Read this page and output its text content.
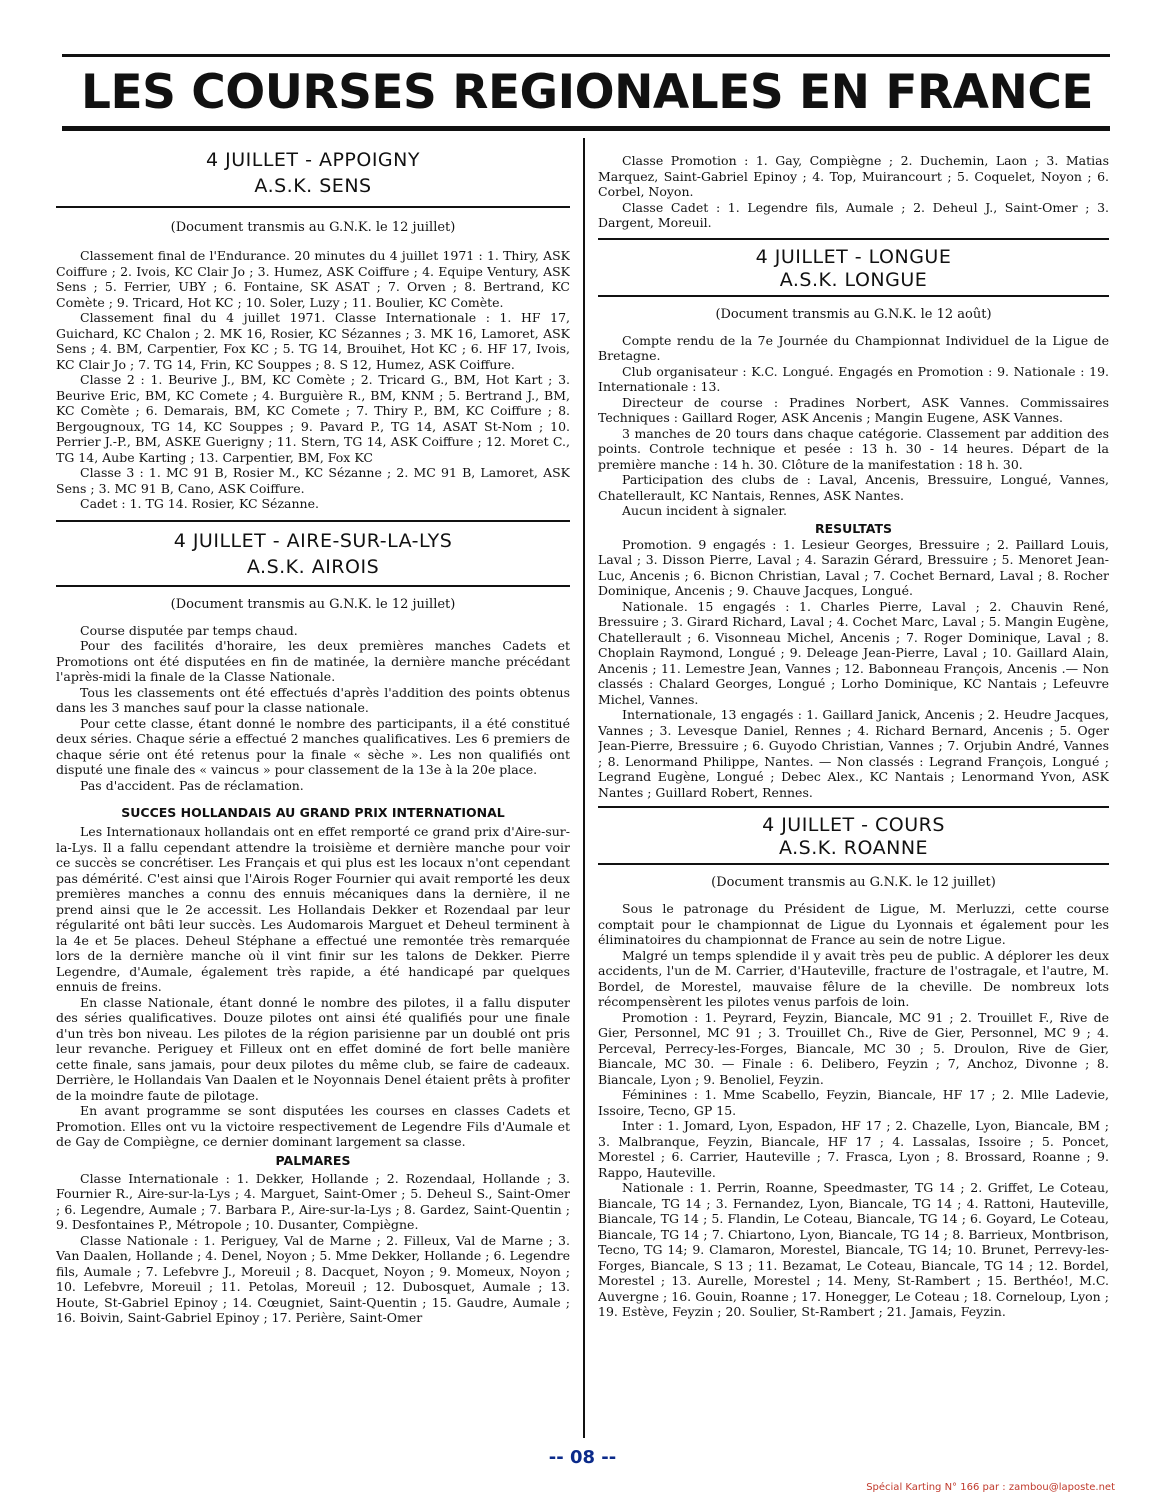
LES COURSES REGIONALES EN FRANCE
4 JUILLET - APPOIGNY
A.S.K. SENS

(Document transmis au G.N.K. le 12 juillet)

Classement final de l'Endurance. 20 minutes du 4 juillet 1971 : 1. Thiry, ASK Coiffure ; 2. Ivois, KC Clair Jo ; 3. Humez, ASK Coiffure ; 4. Equipe Ventury, ASK Sens ; 5. Ferrier, UBY ; 6. Fontaine, SK ASAT ; 7. Orven ; 8. Bertrand, KC Comète ; 9. Tricard, Hot KC ; 10. Soler, Luzy ; 11. Boulier, KC Comète.

Classement final du 4 juillet 1971. Classe Internationale : 1. HF 17, Guichard, KC Chalon ; 2. MK 16, Rosier, KC Sézannes ; 3. MK 16, Lamoret, ASK Sens ; 4. BM, Carpentier, Fox KC ; 5. TG 14, Brouihet, Hot KC ; 6. HF 17, Ivois, KC Clair Jo ; 7. TG 14, Frin, KC Souppes ; 8. S 12, Humez, ASK Coiffure.

Classe 2 : 1. Beurive J., BM, KC Comète ; 2. Tricard G., BM, Hot Kart ; 3. Beurive Eric, BM, KC Comete ; 4. Burguière R., BM, KNM ; 5. Bertrand J., BM, KC Comète ; 6. Demarais, BM, KC Comete ; 7. Thiry P., BM, KC Coiffure ; 8. Bergougnoux, TG 14, KC Souppes ; 9. Pavard P., TG 14, ASAT St-Nom ; 10. Perrier J.-P., BM, ASKE Guerigny ; 11. Stern, TG 14, ASK Coiffure ; 12. Moret C., TG 14, Aube Karting ; 13. Carpentier, BM, Fox KC

Classe 3 : 1. MC 91 B, Rosier M., KC Sézanne ; 2. MC 91 B, Lamoret, ASK Sens ; 3. MC 91 B, Cano, ASK Coiffure.

Cadet : 1. TG 14. Rosier, KC Sézanne.

4 JUILLET - AIRE-SUR-LA-LYS
A.S.K. AIROIS

(Document transmis au G.N.K. le 12 juillet)

Course disputée par temps chaud.

Pour des facilités d'horaire, les deux premières manches Cadets et Promotions ont été disputées en fin de matinée, la dernière manche précédant l'après-midi la finale de la Classe Nationale.

Tous les classements ont été effectués d'après l'addition des points obtenus dans les 3 manches sauf pour la classe nationale.

Pour cette classe, étant donné le nombre des participants, il a été constitué deux séries. Chaque série a effectué 2 manches qualificatives. Les 6 premiers de chaque série ont été retenus pour la finale « sèche ». Les non qualifiés ont disputé une finale des « vaincus » pour classement de la 13e à la 20e place.

Pas d'accident. Pas de réclamation.

SUCCES HOLLANDAIS AU GRAND PRIX INTERNATIONAL

Les Internationaux hollandais ont en effet remporté ce grand prix d'Aire-sur-la-Lys. Il a fallu cependant attendre la troisième et dernière manche pour voir ce succès se concrétiser. Les Français et qui plus est les locaux n'ont cependant pas démérité. C'est ainsi que l'Airois Roger Fournier qui avait remporté les deux premières manches a connu des ennuis mécaniques dans la dernière, il ne prend ainsi que le 2e accessit. Les Hollandais Dekker et Rozendaal par leur régularité ont bâti leur succès. Les Audomarois Marguet et Deheul terminent à la 4e et 5e places. Deheul Stéphane a effectué une remontée très remarquée lors de la dernière manche où il vint finir sur les talons de Dekker. Pierre Legendre, d'Aumale, également très rapide, a été handicapé par quelques ennuis de freins.

En classe Nationale, étant donné le nombre des pilotes, il a fallu disputer des séries qualificatives. Douze pilotes ont ainsi été qualifiés pour une finale d'un très bon niveau. Les pilotes de la région parisienne par un doublé ont pris leur revanche. Periguey et Filleux ont en effet dominé de fort belle manière cette finale, sans jamais, pour deux pilotes du même club, se faire de cadeaux. Derrière, le Hollandais Van Daalen et le Noyonnais Denel étaient prêts à profiter de la moindre faute de pilotage.

En avant programme se sont disputées les courses en classes Cadets et Promotion. Elles ont vu la victoire respectivement de Legendre Fils d'Aumale et de Gay de Compiègne, ce dernier dominant largement sa classe.

PALMARES

Classe Internationale : 1. Dekker, Hollande ; 2. Rozendaal, Hollande ; 3. Fournier R., Aire-sur-la-Lys ; 4. Marguet, Saint-Omer ; 5. Deheul S., Saint-Omer ; 6. Legendre, Aumale ; 7. Barbara P., Aire-sur-la-Lys ; 8. Gardez, Saint-Quentin ; 9. Desfontaines P., Métropole ; 10. Dusanter, Compiègne.

Classe Nationale : 1. Periguey, Val de Marne ; 2. Filleux, Val de Marne ; 3. Van Daalen, Hollande ; 4. Denel, Noyon ; 5. Mme Dekker, Hollande ; 6. Legendre fils, Aumale ; 7. Lefebvre J., Moreuil ; 8. Dacquet, Noyon ; 9. Momeux, Noyon ; 10. Lefebvre, Moreuil ; 11. Petolas, Moreuil ; 12. Dubosquet, Aumale ; 13. Houte, St-Gabriel Epinoy ; 14. Cœugniet, Saint-Quentin ; 15. Gaudre, Aumale ; 16. Boivin, Saint-Gabriel Epinoy ; 17. Perière, Saint-Omer

Classe Promotion : 1. Gay, Compiègne ; 2. Duchemin, Laon ; 3. Matias Marquez, Saint-Gabriel Epinoy ; 4. Top, Muirancourt ; 5. Coquelet, Noyon ; 6. Corbel, Noyon.

Classe Cadet : 1. Legendre fils, Aumale ; 2. Deheul J., Saint-Omer ; 3. Dargent, Moreuil.

4 JUILLET - LONGUE
A.S.K. LONGUE

(Document transmis au G.N.K. le 12 août)

Compte rendu de la 7e Journée du Championnat Individuel de la Ligue de Bretagne.

Club organisateur : K.C. Longué. Engagés en Promotion : 9. Nationale : 19. Internationale : 13.

Directeur de course : Pradines Norbert, ASK Vannes. Commissaires Techniques : Gaillard Roger, ASK Ancenis ; Mangin Eugene, ASK Vannes.

3 manches de 20 tours dans chaque catégorie. Classement par addition des points. Controle technique et pesée : 13 h. 30 - 14 heures. Départ de la première manche : 14 h. 30. Clôture de la manifestation : 18 h. 30.

Participation des clubs de : Laval, Ancenis, Bressuire, Longué, Vannes, Chatellerault, KC Nantais, Rennes, ASK Nantes.

Aucun incident à signaler.

RESULTATS

Promotion. 9 engagés : 1. Lesieur Georges, Bressuire ; 2. Paillard Louis, Laval ; 3. Disson Pierre, Laval ; 4. Sarazin Gérard, Bressuire ; 5. Menoret Jean-Luc, Ancenis ; 6. Bicnon Christian, Laval ; 7. Cochet Bernard, Laval ; 8. Rocher Dominique, Ancenis ; 9. Chauve Jacques, Longué.

Nationale. 15 engagés : 1. Charles Pierre, Laval ; 2. Chauvin René, Bressuire ; 3. Girard Richard, Laval ; 4. Cochet Marc, Laval ; 5. Mangin Eugène, Chatellerault ; 6. Visonneau Michel, Ancenis ; 7. Roger Dominique, Laval ; 8. Choplain Raymond, Longué ; 9. Deleage Jean-Pierre, Laval ; 10. Gaillard Alain, Ancenis ; 11. Lemestre Jean, Vannes ; 12. Babonneau François, Ancenis .— Non classés : Chalard Georges, Longué ; Lorho Dominique, KC Nantais ; Lefeuvre Michel, Vannes.

Internationale, 13 engagés : 1. Gaillard Janick, Ancenis ; 2. Heudre Jacques, Vannes ; 3. Levesque Daniel, Rennes ; 4. Richard Bernard, Ancenis ; 5. Oger Jean-Pierre, Bressuire ; 6. Guyodo Christian, Vannes ; 7. Orjubin André, Vannes ; 8. Lenormand Philippe, Nantes. — Non classés : Legrand François, Longué ; Legrand Eugène, Longué ; Debec Alex., KC Nantais ; Lenormand Yvon, ASK Nantes ; Guillard Robert, Rennes.

4 JUILLET - COURS
A.S.K. ROANNE

(Document transmis au G.N.K. le 12 juillet)

Sous le patronage du Président de Ligue, M. Merluzzi, cette course comptait pour le championnat de Ligue du Lyonnais et également pour les éliminatoires du championnat de France au sein de notre Ligue.

Malgré un temps splendide il y avait très peu de public. A déplorer les deux accidents, l'un de M. Carrier, d'Hauteville, fracture de l'ostragale, et l'autre, M. Bordel, de Morestel, mauvaise fêlure de la cheville. De nombreux lots récompensèrent les pilotes venus parfois de loin.

Promotion : 1. Peyrard, Feyzin, Biancale, MC 91 ; 2. Trouillet F., Rive de Gier, Personnel, MC 91 ; 3. Trouillet Ch., Rive de Gier, Personnel, MC 9 ; 4. Perceval, Perrecy-les-Forges, Biancale, MC 30 ; 5. Droulon, Rive de Gier, Biancale, MC 30. — Finale : 6. Delibero, Feyzin ; 7, Anchoz, Divonne ; 8. Biancale, Lyon ; 9. Benoliel, Feyzin.

Féminines : 1. Mme Scabello, Feyzin, Biancale, HF 17 ; 2. Mlle Ladevie, Issoire, Tecno, GP 15.

Inter : 1. Jomard, Lyon, Espadon, HF 17 ; 2. Chazelle, Lyon, Biancale, BM ; 3. Malbranque, Feyzin, Biancale, HF 17 ; 4. Lassalas, Issoire ; 5. Poncet, Morestel ; 6. Carrier, Hauteville ; 7. Frasca, Lyon ; 8. Brossard, Roanne ; 9. Rappo, Hauteville.

Nationale : 1. Perrin, Roanne, Speedmaster, TG 14 ; 2. Griffet, Le Coteau, Biancale, TG 14 ; 3. Fernandez, Lyon, Biancale, TG 14 ; 4. Rattoni, Hauteville, Biancale, TG 14 ; 5. Flandin, Le Coteau, Biancale, TG 14 ; 6. Goyard, Le Coteau, Biancale, TG 14 ; 7. Chiartono, Lyon, Biancale, TG 14 ; 8. Barrieux, Montbrison, Tecno, TG 14; 9. Clamaron, Morestel, Biancale, TG 14; 10. Brunet, Perrevy-les-Forges, Biancale, S 13 ; 11. Bezamat, Le Coteau, Biancale, TG 14 ; 12. Bordel, Morestel ; 13. Aurelle, Morestel ; 14. Meny, St-Rambert ; 15. Berthéo!, M.C. Auvergne ; 16. Gouin, Roanne ; 17. Honegger, Le Coteau ; 18. Corneloup, Lyon ; 19. Estève, Feyzin ; 20. Soulier, St-Rambert ; 21. Jamais, Feyzin.

-- 08 --
Spécial Karting N° 166 par : zambou@laposte.net
